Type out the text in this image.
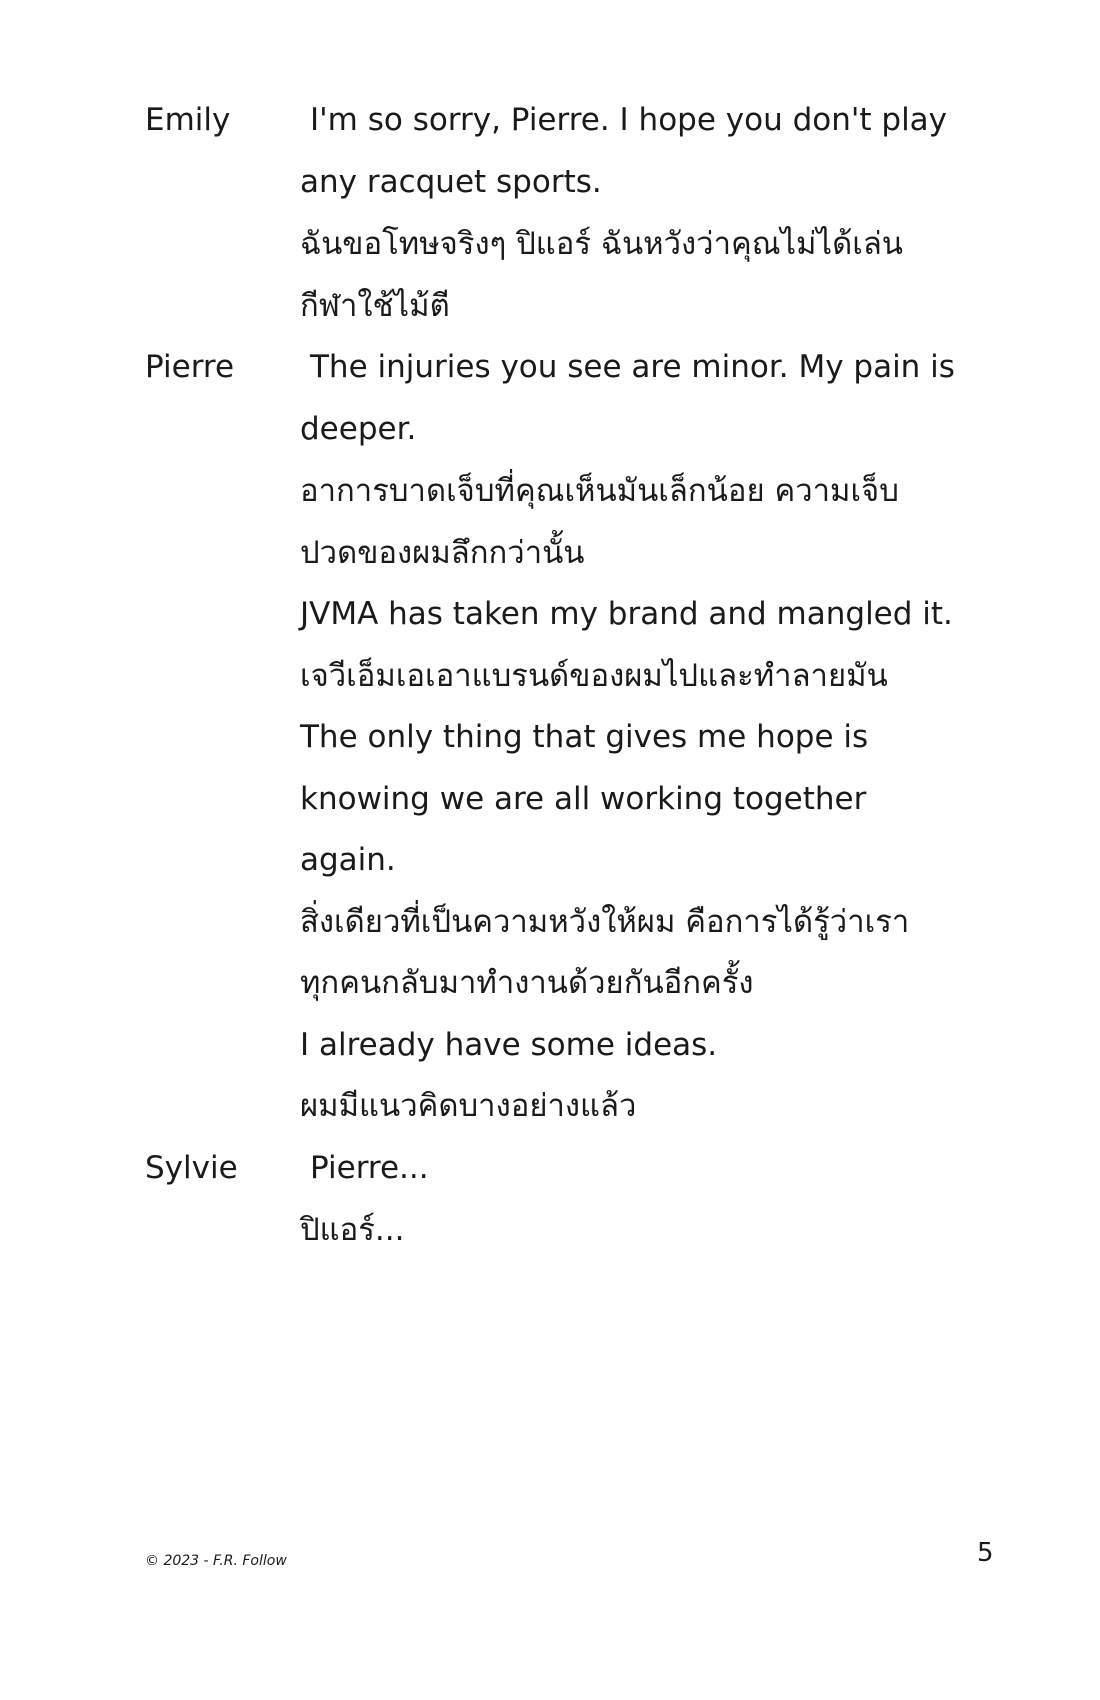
Emily	I'm so sorry, Pierre. I hope you don't play
any racquet sports.
ฉันขอโทษจริงๆ ปิแอร์ ฉันหวังว่าคุณไม่ได้เล่น
กีฬาใช้ไม้ตี
Pierre The injuries you see are minor. My pain is
deeper.
อาการบาดเจ็บที่คุณเห็นมันเล็กน้อย ความเจ็บ
ปวดของผมลึกกว่านั้น
JVMA has taken my brand and mangled it.
เจวีเอ็มเอเอาแบรนด์ของผมไปและทำลายมัน
The only thing that gives me hope is
knowing we are all working together
again.
สิ่งเดียวที่เป็นความหวังให้ผม คือการได้รู้ว่าเรา
ทุกคนกลับมาทำงานด้วยกันอีกครั้ง
I already have some ideas.
ผมมีแนวคิดบางอย่างแล้ว
Sylvie Pierre...
ปิแอร์...
© 2023 - F.R. Follow	5
